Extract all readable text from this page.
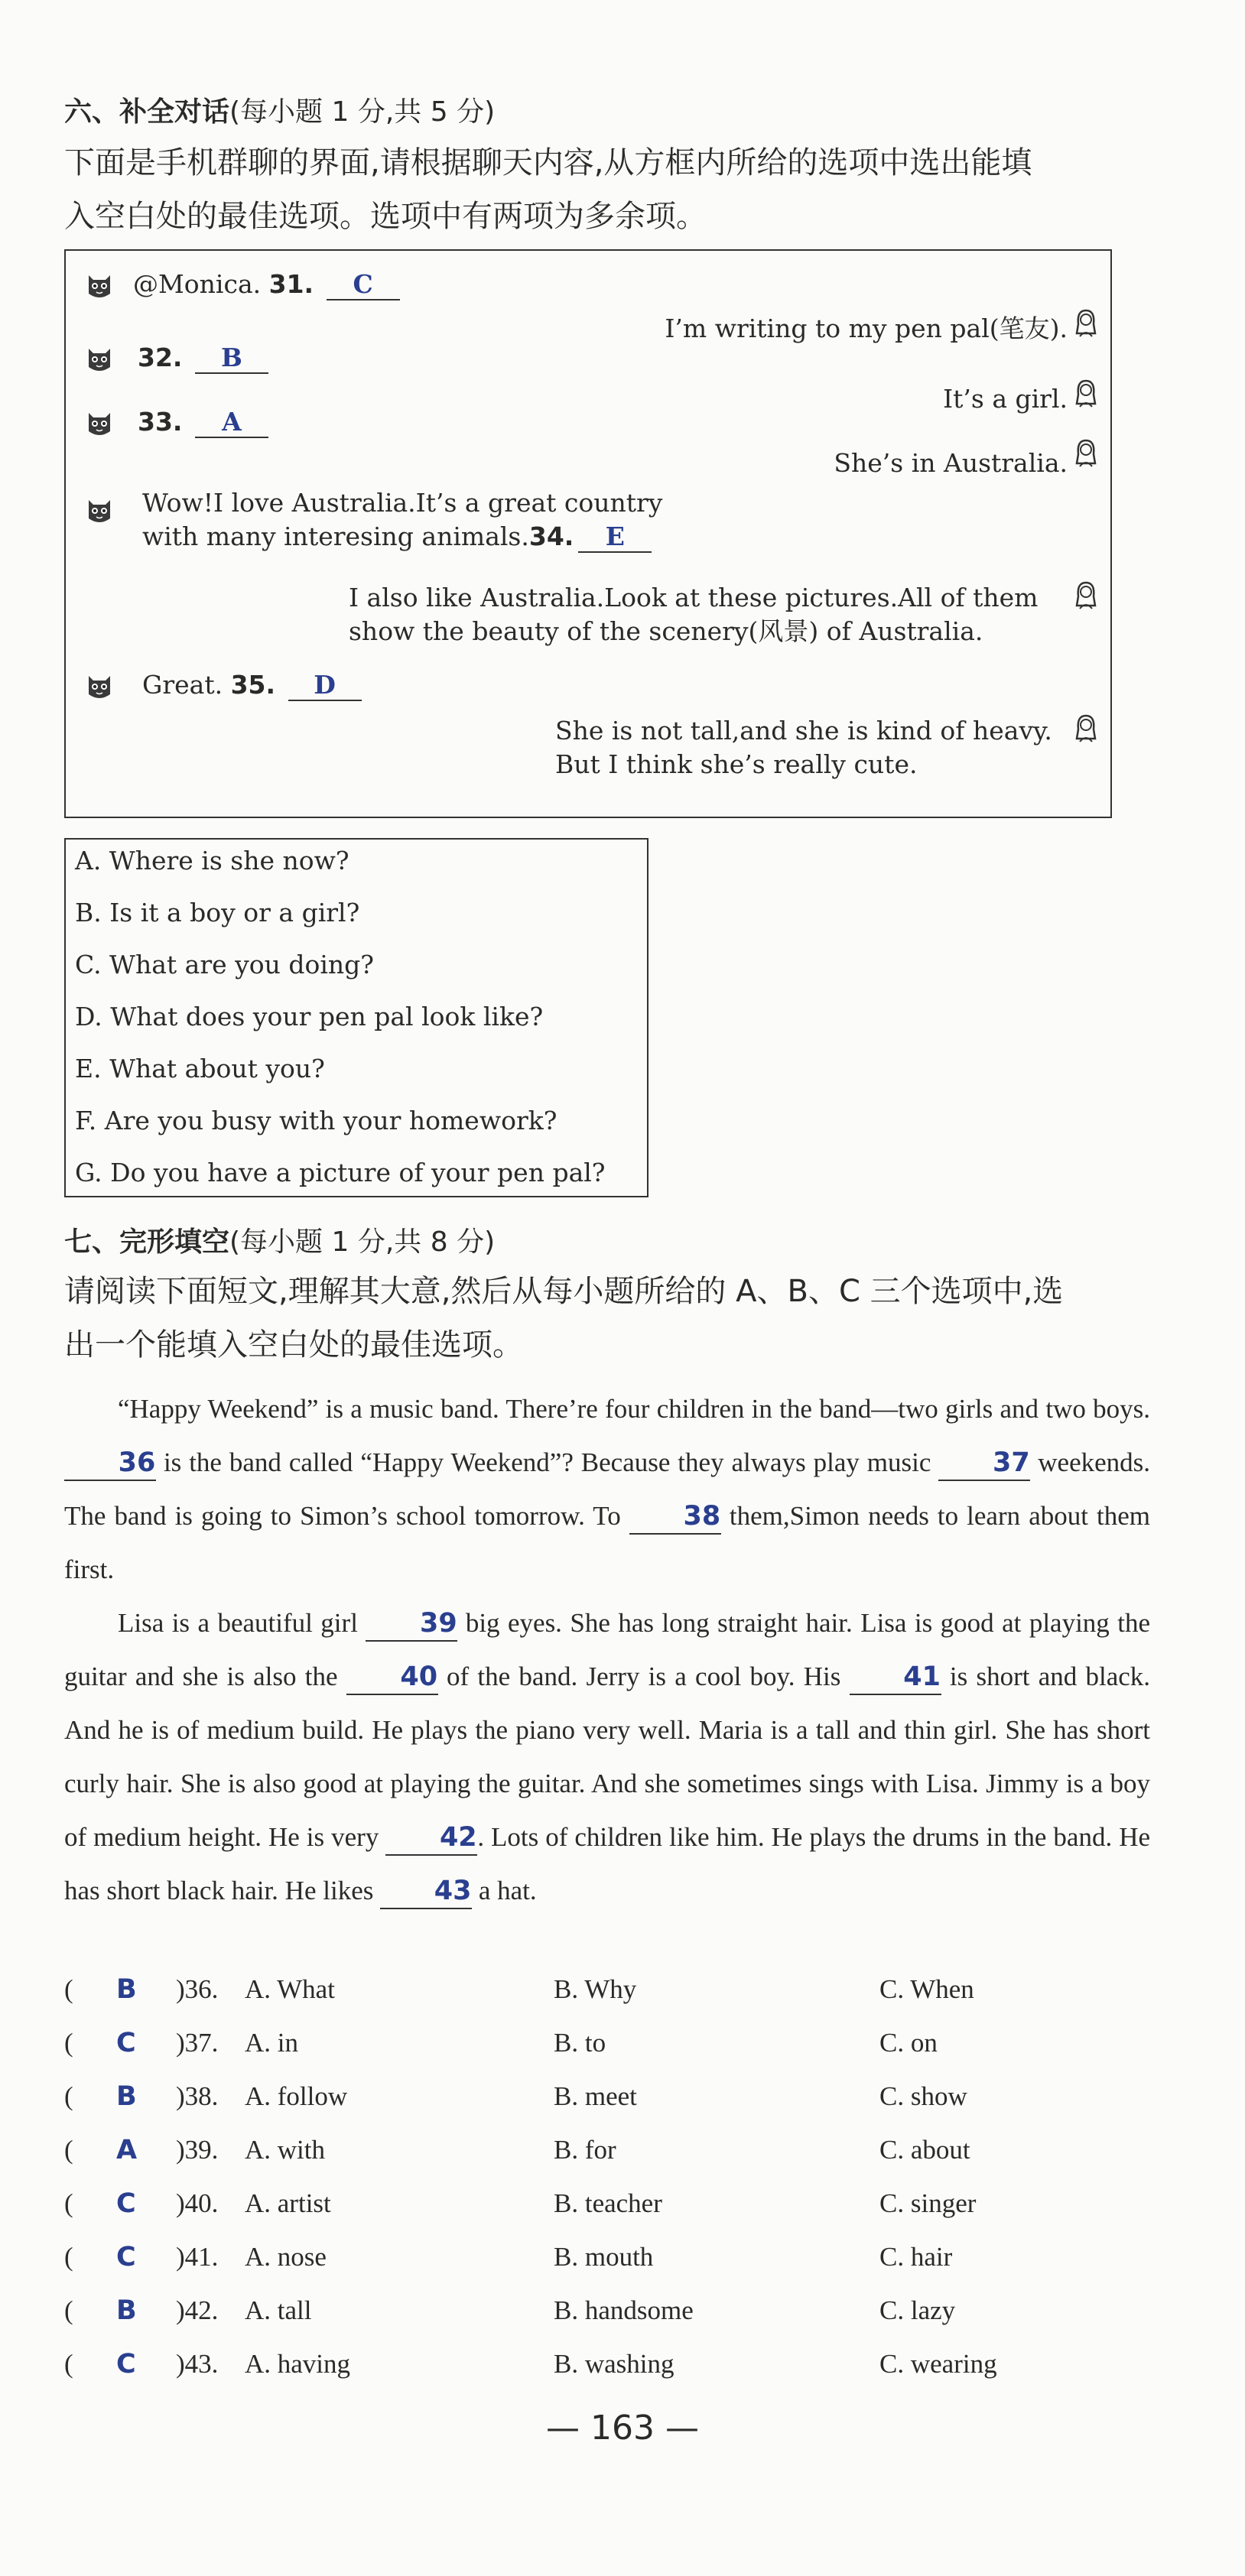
六、补全对话(每小题 1 分,共 5 分)
下面是手机群聊的界面,请根据聊天内容,从方框内所给的选项中选出能填
入空白处的最佳选项。选项中有两项为多余项。
@Monica. 31. C
I’m writing to my pen pal(笔友).
32. B
It’s a girl.
33. A
She’s in Australia.
Wow!I love Australia.It’s a great country
with many interesing animals.34. E
I also like Australia.Look at these pictures.All of them
show the beauty of the scenery(风景) of Australia.
Great. 35. D
She is not tall,and she is kind of heavy.
But I think she’s really cute.
A. Where is she now?
B. Is it a boy or a girl?
C. What are you doing?
D. What does your pen pal look like?
E. What about you?
F. Are you busy with your homework?
G. Do you have a picture of your pen pal?
七、完形填空(每小题 1 分,共 8 分)
请阅读下面短文,理解其大意,然后从每小题所给的 A、B、C 三个选项中,选
出一个能填入空白处的最佳选项。
“Happy Weekend” is a music band. There’re four children in the band—two girls and two boys. 36 is the band called “Happy Weekend”? Because they always play music 37 weekends. The band is going to Simon’s school tomorrow. To 38 them,Simon needs to learn about them first.
Lisa is a beautiful girl 39 big eyes. She has long straight hair. Lisa is good at playing the guitar and she is also the 40 of the band. Jerry is a cool boy. His 41 is short and black. And he is of medium build. He plays the piano very well. Maria is a tall and thin girl. She has short curly hair. She is also good at playing the guitar. And she sometimes sings with Lisa. Jimmy is a boy of medium height. He is very 42. Lots of children like him. He plays the drums in the band. He has short black hair. He likes 43 a hat.
( B )36. A. What	B. Why	C. When
( C )37. A. in	B. to	C. on
( B )38. A. follow	B. meet	C. show
( A )39. A. with	B. for	C. about
( C )40. A. artist	B. teacher	C. singer
( C )41. A. nose	B. mouth	C. hair
( B )42. A. tall	B. handsome	C. lazy
( C )43. A. having	B. washing	C. wearing
— 163 —
